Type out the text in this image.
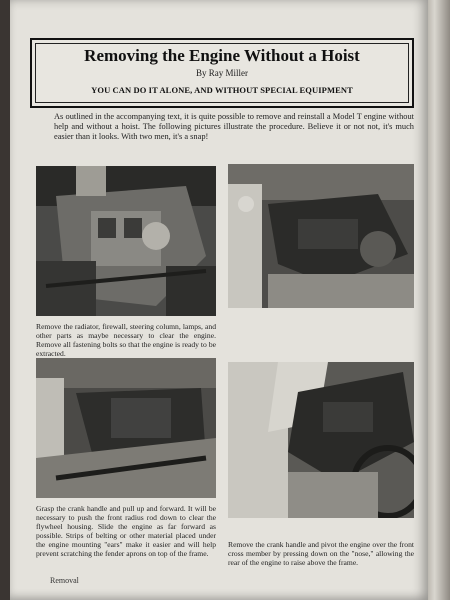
Removing the Engine Without a Hoist
By Ray Miller
YOU CAN DO IT ALONE, AND WITHOUT SPECIAL EQUIPMENT
As outlined in the accompanying text, it is quite possible to remove and reinstall a Model T engine without help and without a hoist. The following pictures illustrate the procedure. Believe it or not not, it's much easier than it looks. With two men, it's a snap!
Remove the radiator, firewall, steering column, lamps, and other parts as maybe necessary to clear the engine. Remove all fastening bolts so that the engine is ready to be extracted.
Grasp the crank handle and pull up and forward. It will be necessary to push the front radius rod down to clear the flywheel housing. Slide the engine as far forward as possible. Strips of belting or other material placed under the engine mounting "ears" make it easier and will help prevent scratching the fender aprons on top of the frame.
Remove the crank handle and pivot the engine over the front cross member by pressing down on the "nose," allowing the rear of the engine to raise above the frame.
Removal
